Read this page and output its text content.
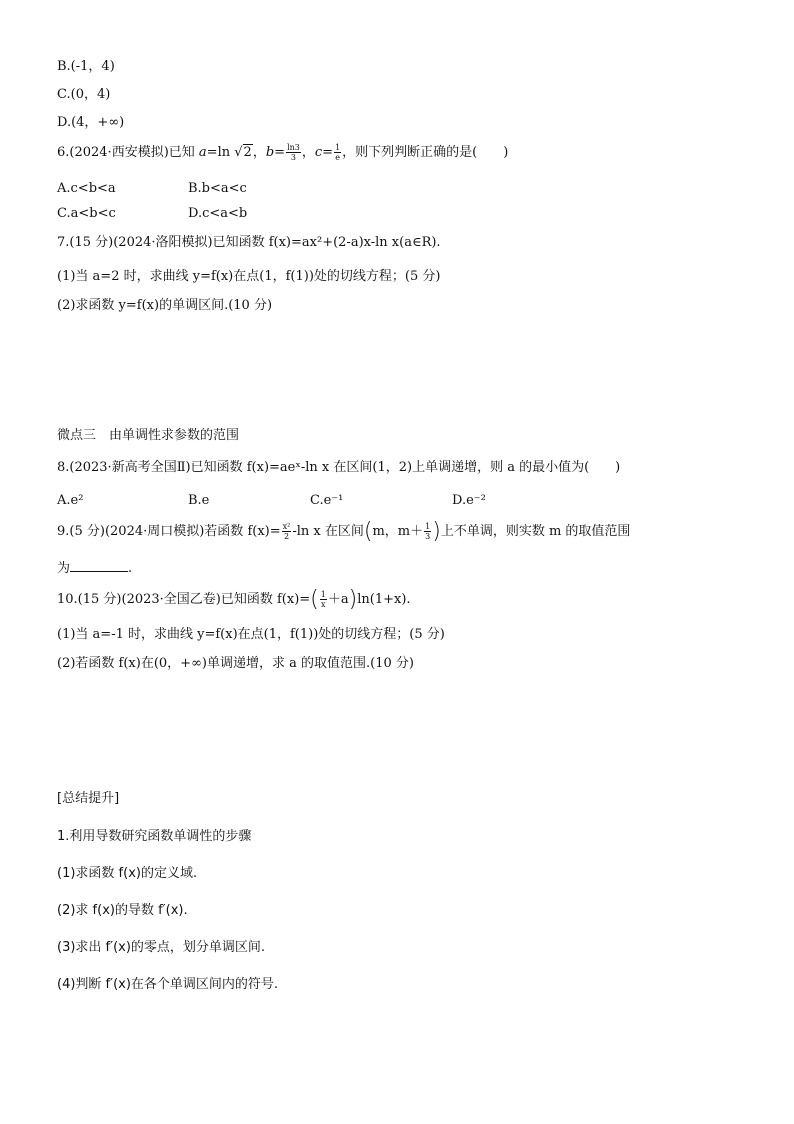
B.(-1，4)
C.(0，4)
D.(4，+∞)
6.(2024·西安模拟)已知 a=ln √2，$b= \frac{\ln 3}{3}$ ，$c= \frac{1}{e}$ ，则下列判断正确的是(　　)
A.c<b<a	B.b<a<c
C.a<b<c	D.c<a<b
7.(15 分)(2024·洛阳模拟)已知函数 f(x)=ax²+(2-a)x-ln x(a∈R).
(1)当 a=2 时，求曲线 y=f(x)在点(1，f(1))处的切线方程；(5 分)
(2)求函数 y=f(x)的单调区间.(10 分)
微点三　由单调性求参数的范围
8.(2023·新高考全国Ⅱ)已知函数 f(x)=aeˣ-ln x 在区间(1，2)上单调递增，则 a 的最小值为(　　)
A.e²	B.e	C.e⁻¹	D.e⁻²
9.(5 分)(2024·周口模拟)若函数 $f(x)= \frac{\text{x²}}{2} -\ln$ x 在区间(m，$m+ \frac{1}{3}$ )上不单调，则实数 m 的取值范围
为	.
10.(15 分)(2023·全国乙卷)已知函数 $f(x)=( \frac{1}{x} +a)\ln(1+x)$.
(1)当 a=-1 时，求曲线 y=f(x)在点(1，f(1))处的切线方程；(5 分)
(2)若函数 f(x)在(0，+∞)单调递增，求 a 的取值范围.(10 分)
[总结提升]
1.利用导数研究函数单调性的步骤
(1)求函数 f(x)的定义域.
(2)求 f(x)的导数 f′(x).
(3)求出 f′(x)的零点，划分单调区间.
(4)判断 f′(x)在各个单调区间内的符号.
